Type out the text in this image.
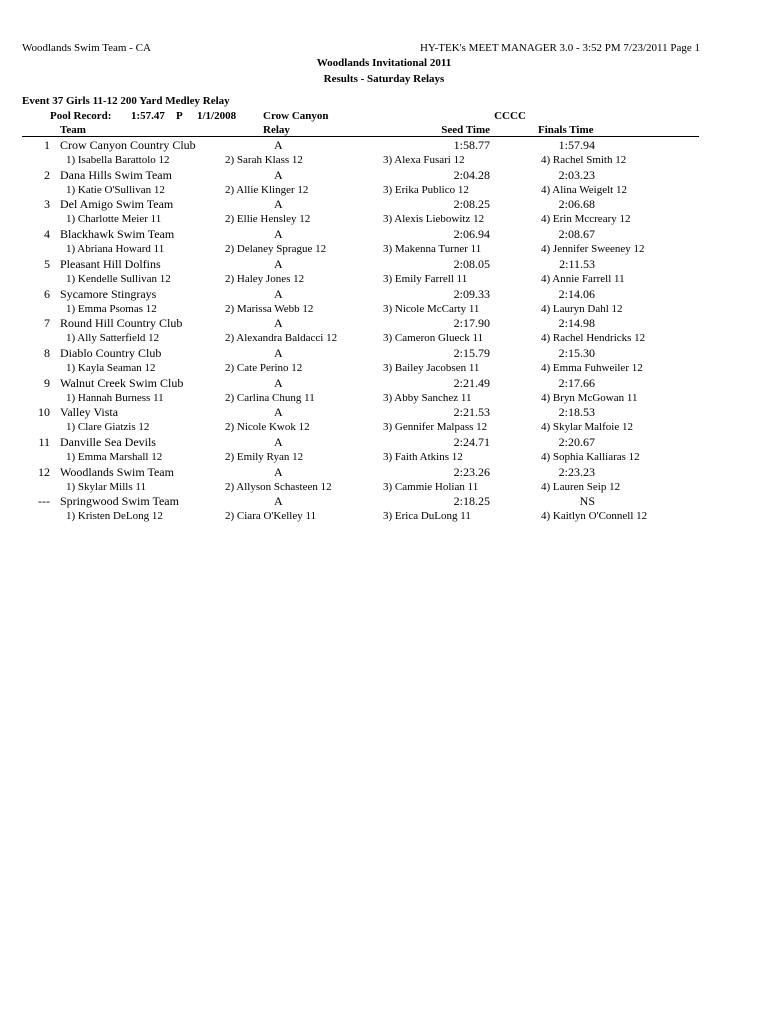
Woodlands Swim Team - CA	HY-TEK's MEET MANAGER 3.0 - 3:52 PM 7/23/2011 Page 1
Woodlands Invitational 2011
Results - Saturday Relays
Event 37 Girls 11-12 200 Yard Medley Relay
Pool Record: 1:57.47 P 1/1/2008 Crow Canyon	CCCC
Team	Relay	Seed Time	Finals Time
1 Crow Canyon Country Club	A	1:58.77	1:57.94
1) Isabella Barattolo 12	2) Sarah Klass 12	3) Alexa Fusari 12	4) Rachel Smith 12
2 Dana Hills Swim Team	A	2:04.28	2:03.23
1) Katie O'Sullivan 12	2) Allie Klinger 12	3) Erika Publico 12	4) Alina Weigelt 12
3 Del Amigo Swim Team	A	2:08.25	2:06.68
1) Charlotte Meier 11	2) Ellie Hensley 12	3) Alexis Liebowitz 12	4) Erin Mccreary 12
4 Blackhawk Swim Team	A	2:06.94	2:08.67
1) Abriana Howard 11	2) Delaney Sprague 12	3) Makenna Turner 11	4) Jennifer Sweeney 12
5 Pleasant Hill Dolfins	A	2:08.05	2:11.53
1) Kendelle Sullivan 12	2) Haley Jones 12	3) Emily Farrell 11	4) Annie Farrell 11
6 Sycamore Stingrays	A	2:09.33	2:14.06
1) Emma Psomas 12	2) Marissa Webb 12	3) Nicole McCarty 11	4) Lauryn Dahl 12
7 Round Hill Country Club	A	2:17.90	2:14.98
1) Ally Satterfield 12	2) Alexandra Baldacci 12	3) Cameron Glueck 11	4) Rachel Hendricks 12
8 Diablo Country Club	A	2:15.79	2:15.30
1) Kayla Seaman 12	2) Cate Perino 12	3) Bailey Jacobsen 11	4) Emma Fuhweiler 12
9 Walnut Creek Swim Club	A	2:21.49	2:17.66
1) Hannah Burness 11	2) Carlina Chung 11	3) Abby Sanchez 11	4) Bryn McGowan 11
10 Valley Vista	A	2:21.53	2:18.53
1) Clare Giatzis 12	2) Nicole Kwok 12	3) Gennifer Malpass 12	4) Skylar Malfoie 12
11 Danville Sea Devils	A	2:24.71	2:20.67
1) Emma Marshall 12	2) Emily Ryan 12	3) Faith Atkins 12	4) Sophia Kalliaras 12
12 Woodlands Swim Team	A	2:23.26	2:23.23
1) Skylar Mills 11	2) Allyson Schasteen 12	3) Cammie Holian 11	4) Lauren Seip 12
--- Springwood Swim Team	A	2:18.25	NS
1) Kristen DeLong 12	2) Ciara O'Kelley 11	3) Erica DuLong 11	4) Kaitlyn O'Connell 12
